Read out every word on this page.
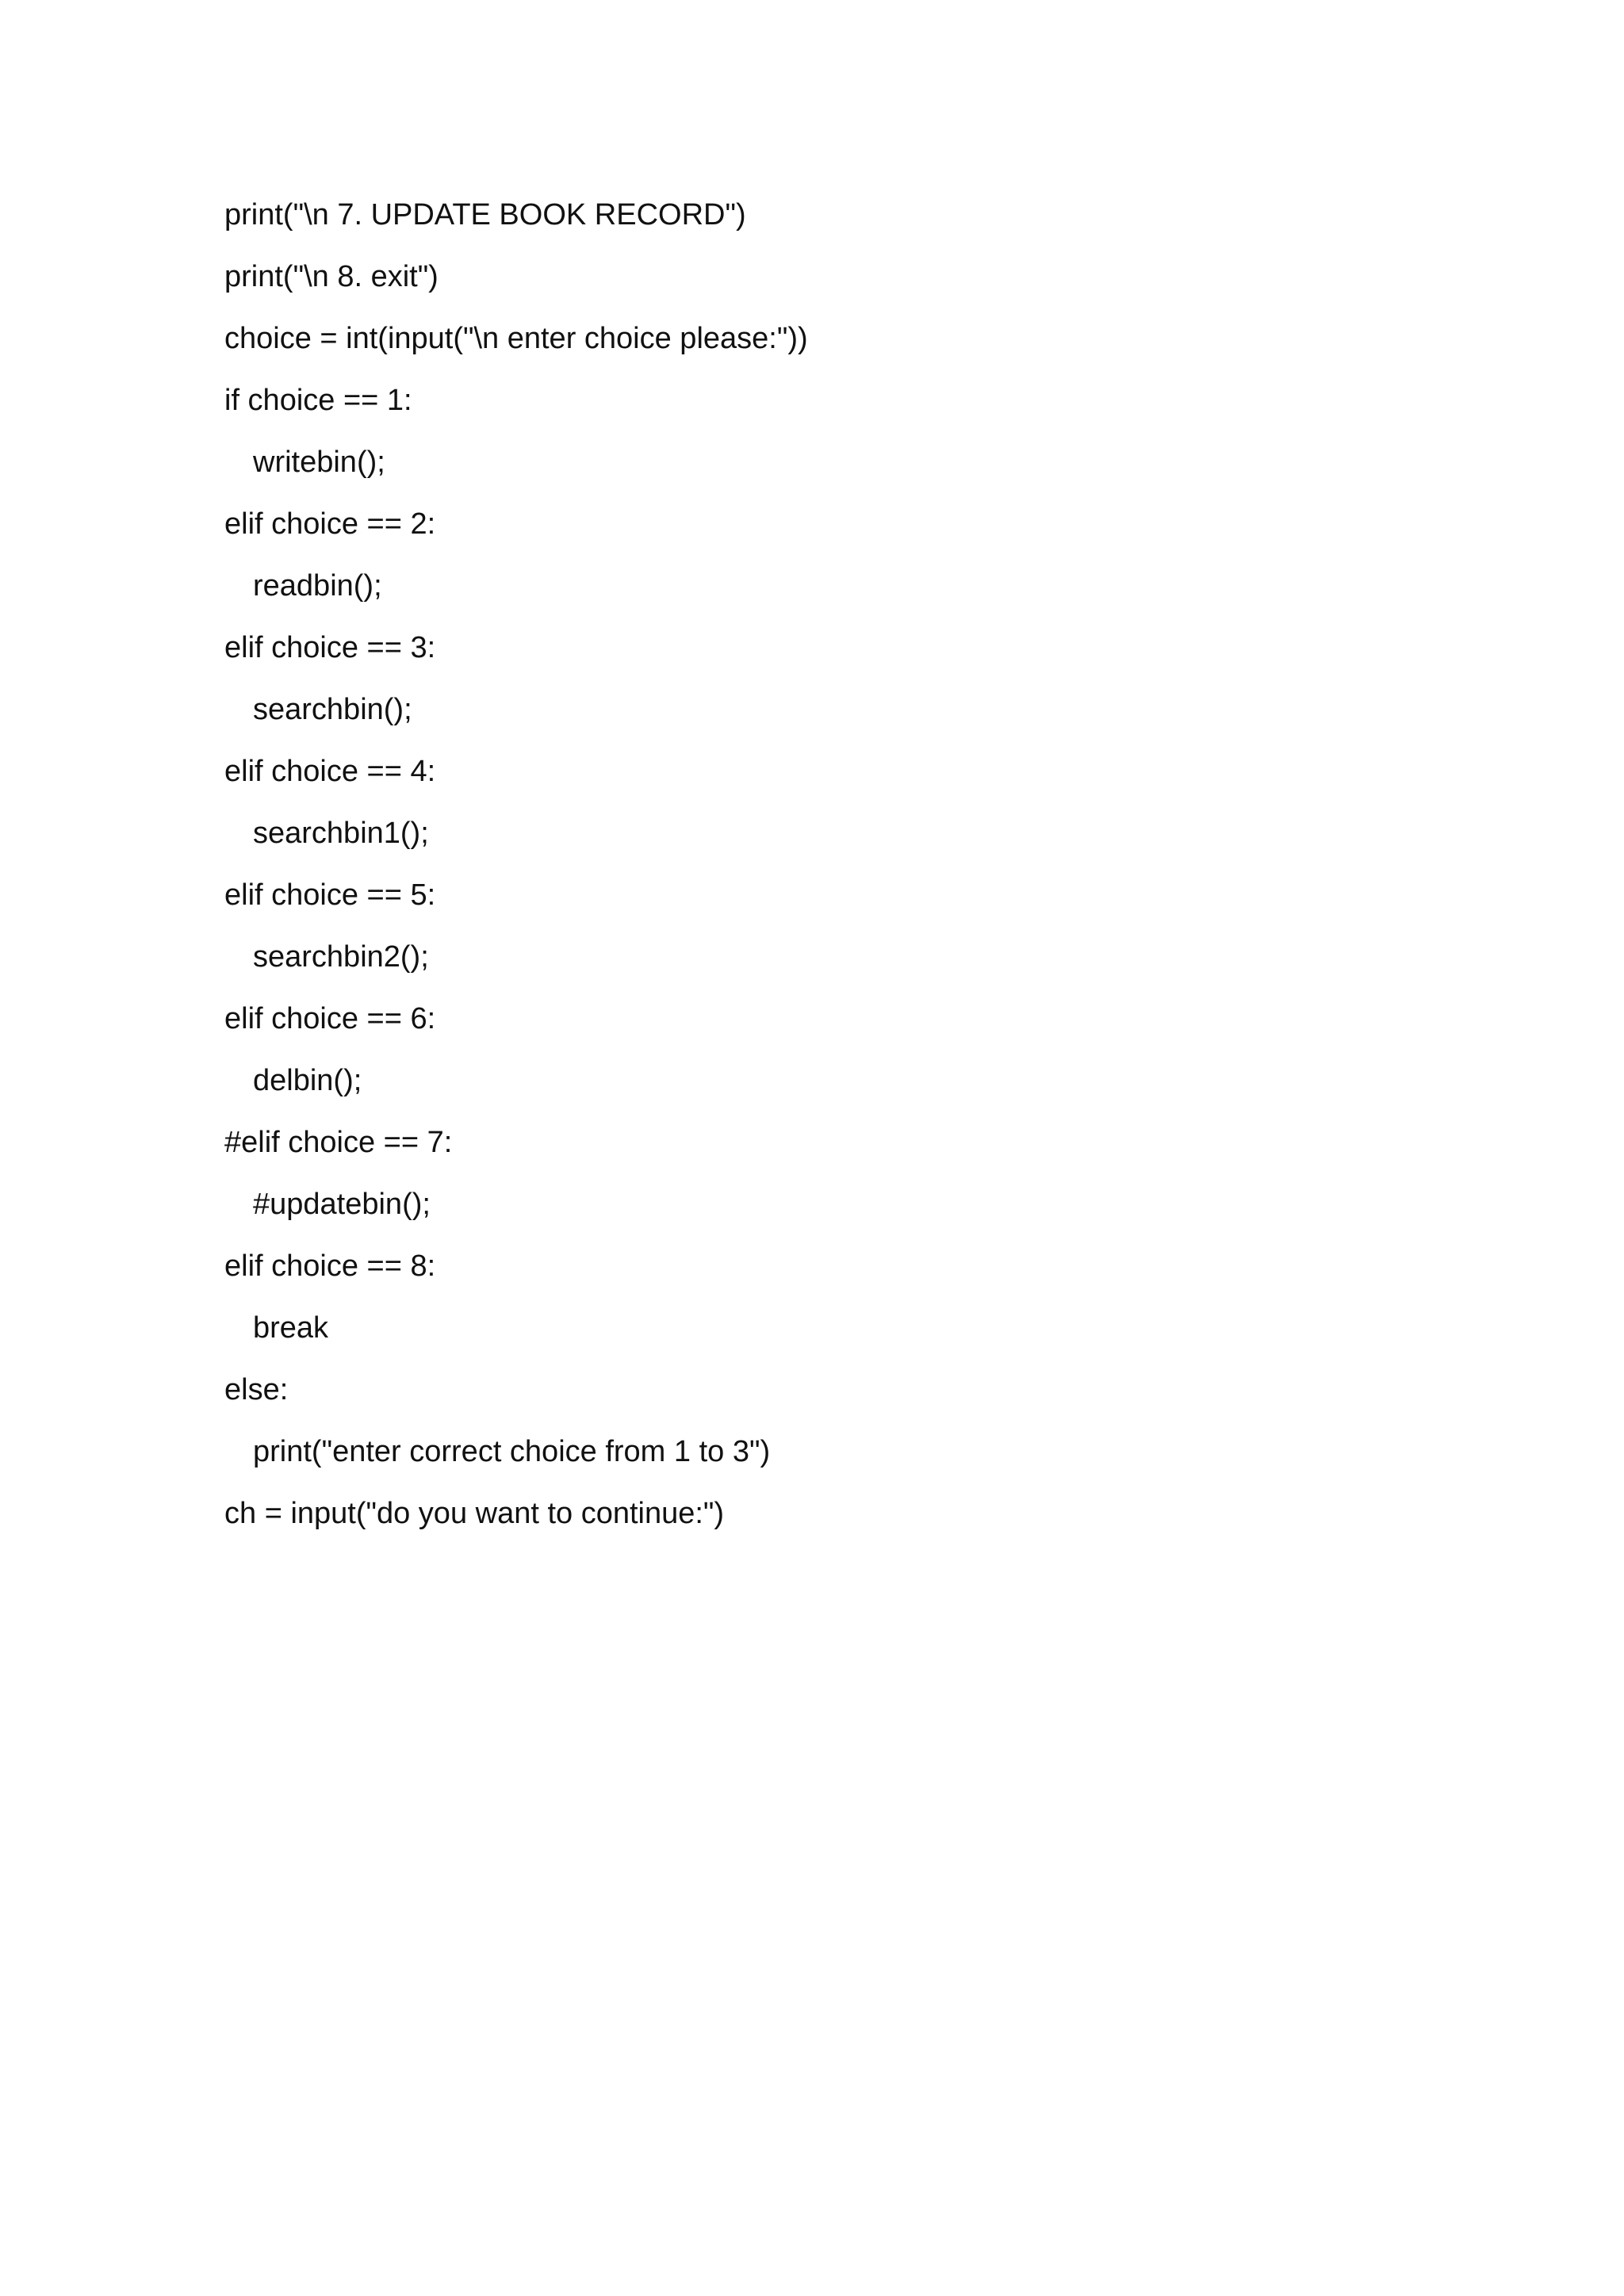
print("\n 7. UPDATE BOOK RECORD")
print("\n 8. exit")
choice = int(input("\n enter choice please:"))
if choice == 1:
writebin();
elif choice == 2:
readbin();
elif choice == 3:
searchbin();
elif choice == 4:
searchbin1();
elif choice == 5:
searchbin2();
elif choice == 6:
delbin();
#elif choice == 7:
#updatebin();
elif choice == 8:
break
else:
print("enter correct choice from 1 to 3")
ch = input("do you want to continue:")
